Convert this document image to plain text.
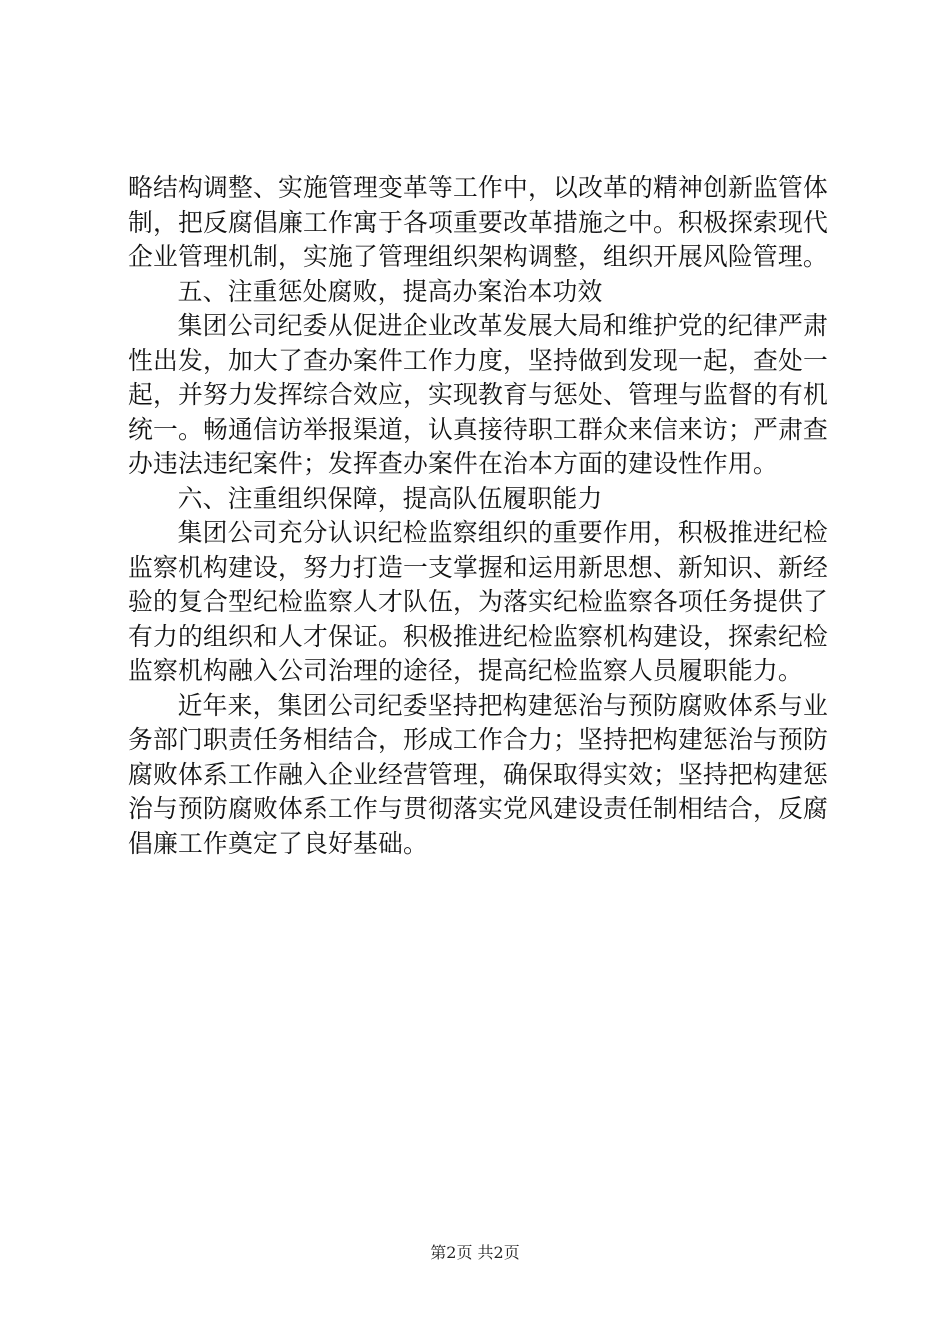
略结构调整、实施管理变革等工作中，以改革的精神创新监管体制，把反腐倡廉工作寓于各项重要改革措施之中。积极探索现代企业管理机制，实施了管理组织架构调整，组织开展风险管理。

五、注重惩处腐败，提高办案治本功效

集团公司纪委从促进企业改革发展大局和维护党的纪律严肃性出发，加大了查办案件工作力度，坚持做到发现一起，查处一起，并努力发挥综合效应，实现教育与惩处、管理与监督的有机统一。畅通信访举报渠道，认真接待职工群众来信来访；严肃查办违法违纪案件；发挥查办案件在治本方面的建设性作用。

六、注重组织保障，提高队伍履职能力

集团公司充分认识纪检监察组织的重要作用，积极推进纪检监察机构建设，努力打造一支掌握和运用新思想、新知识、新经验的复合型纪检监察人才队伍，为落实纪检监察各项任务提供了有力的组织和人才保证。积极推进纪检监察机构建设，探索纪检监察机构融入公司治理的途径，提高纪检监察人员履职能力。

近年来，集团公司纪委坚持把构建惩治与预防腐败体系与业务部门职责任务相结合，形成工作合力；坚持把构建惩治与预防腐败体系工作融入企业经营管理，确保取得实效；坚持把构建惩治与预防腐败体系工作与贯彻落实党风建设责任制相结合，反腐倡廉工作奠定了良好基础。

第2页 共2页
